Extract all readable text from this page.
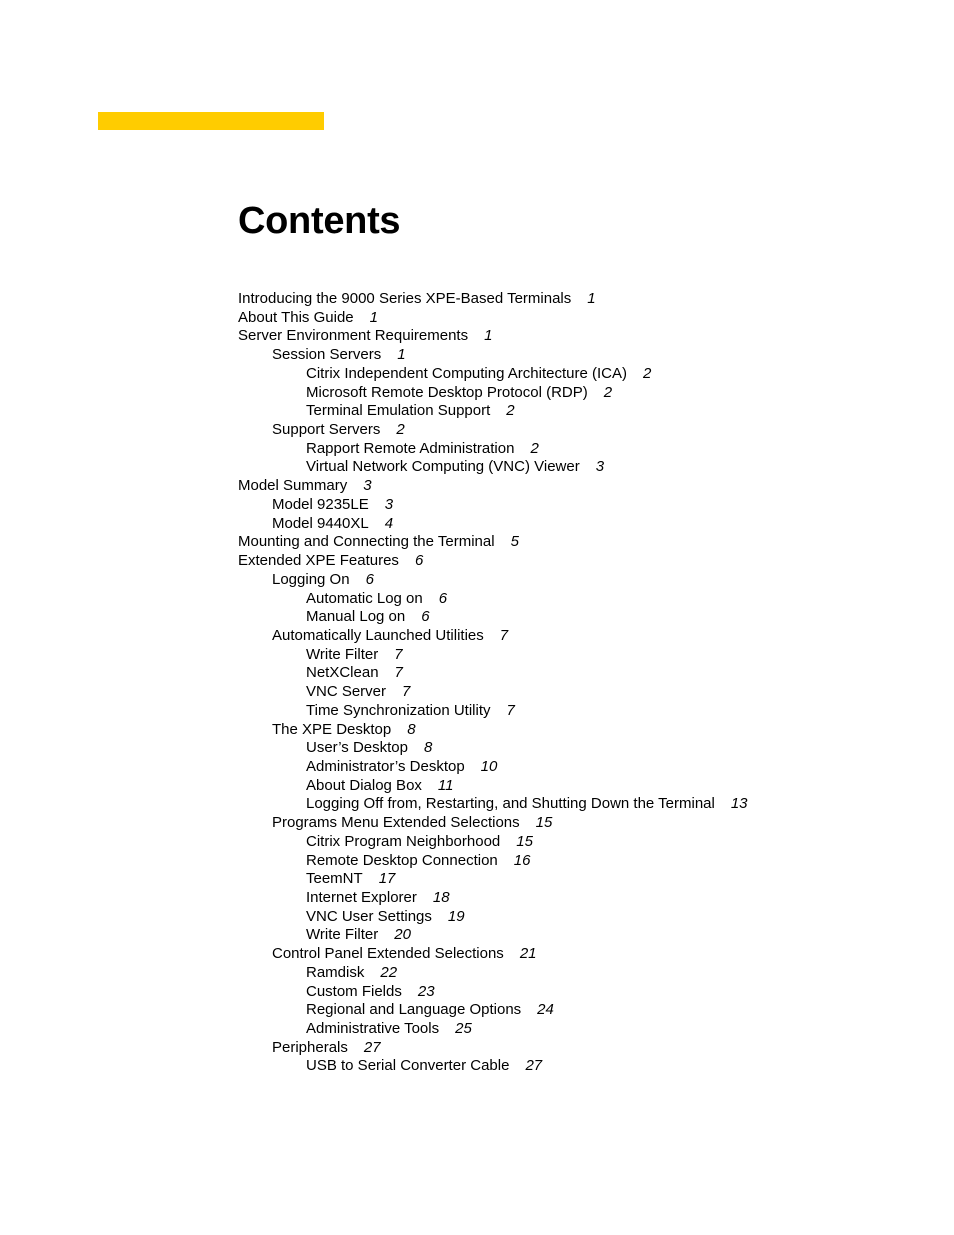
Contents
Introducing the 9000 Series XPE-Based Terminals 1
About This Guide 1
Server Environment Requirements 1
Session Servers 1
Citrix Independent Computing Architecture (ICA) 2
Microsoft Remote Desktop Protocol (RDP) 2
Terminal Emulation Support 2
Support Servers 2
Rapport Remote Administration 2
Virtual Network Computing (VNC) Viewer 3
Model Summary 3
Model 9235LE 3
Model 9440XL 4
Mounting and Connecting the Terminal 5
Extended XPE Features 6
Logging On 6
Automatic Log on 6
Manual Log on 6
Automatically Launched Utilities 7
Write Filter 7
NetXClean 7
VNC Server 7
Time Synchronization Utility 7
The XPE Desktop 8
User’s Desktop 8
Administrator’s Desktop 10
About Dialog Box 11
Logging Off from, Restarting, and Shutting Down the Terminal 13
Programs Menu Extended Selections 15
Citrix Program Neighborhood 15
Remote Desktop Connection 16
TeemNT 17
Internet Explorer 18
VNC User Settings 19
Write Filter 20
Control Panel Extended Selections 21
Ramdisk 22
Custom Fields 23
Regional and Language Options 24
Administrative Tools 25
Peripherals 27
USB to Serial Converter Cable 27
